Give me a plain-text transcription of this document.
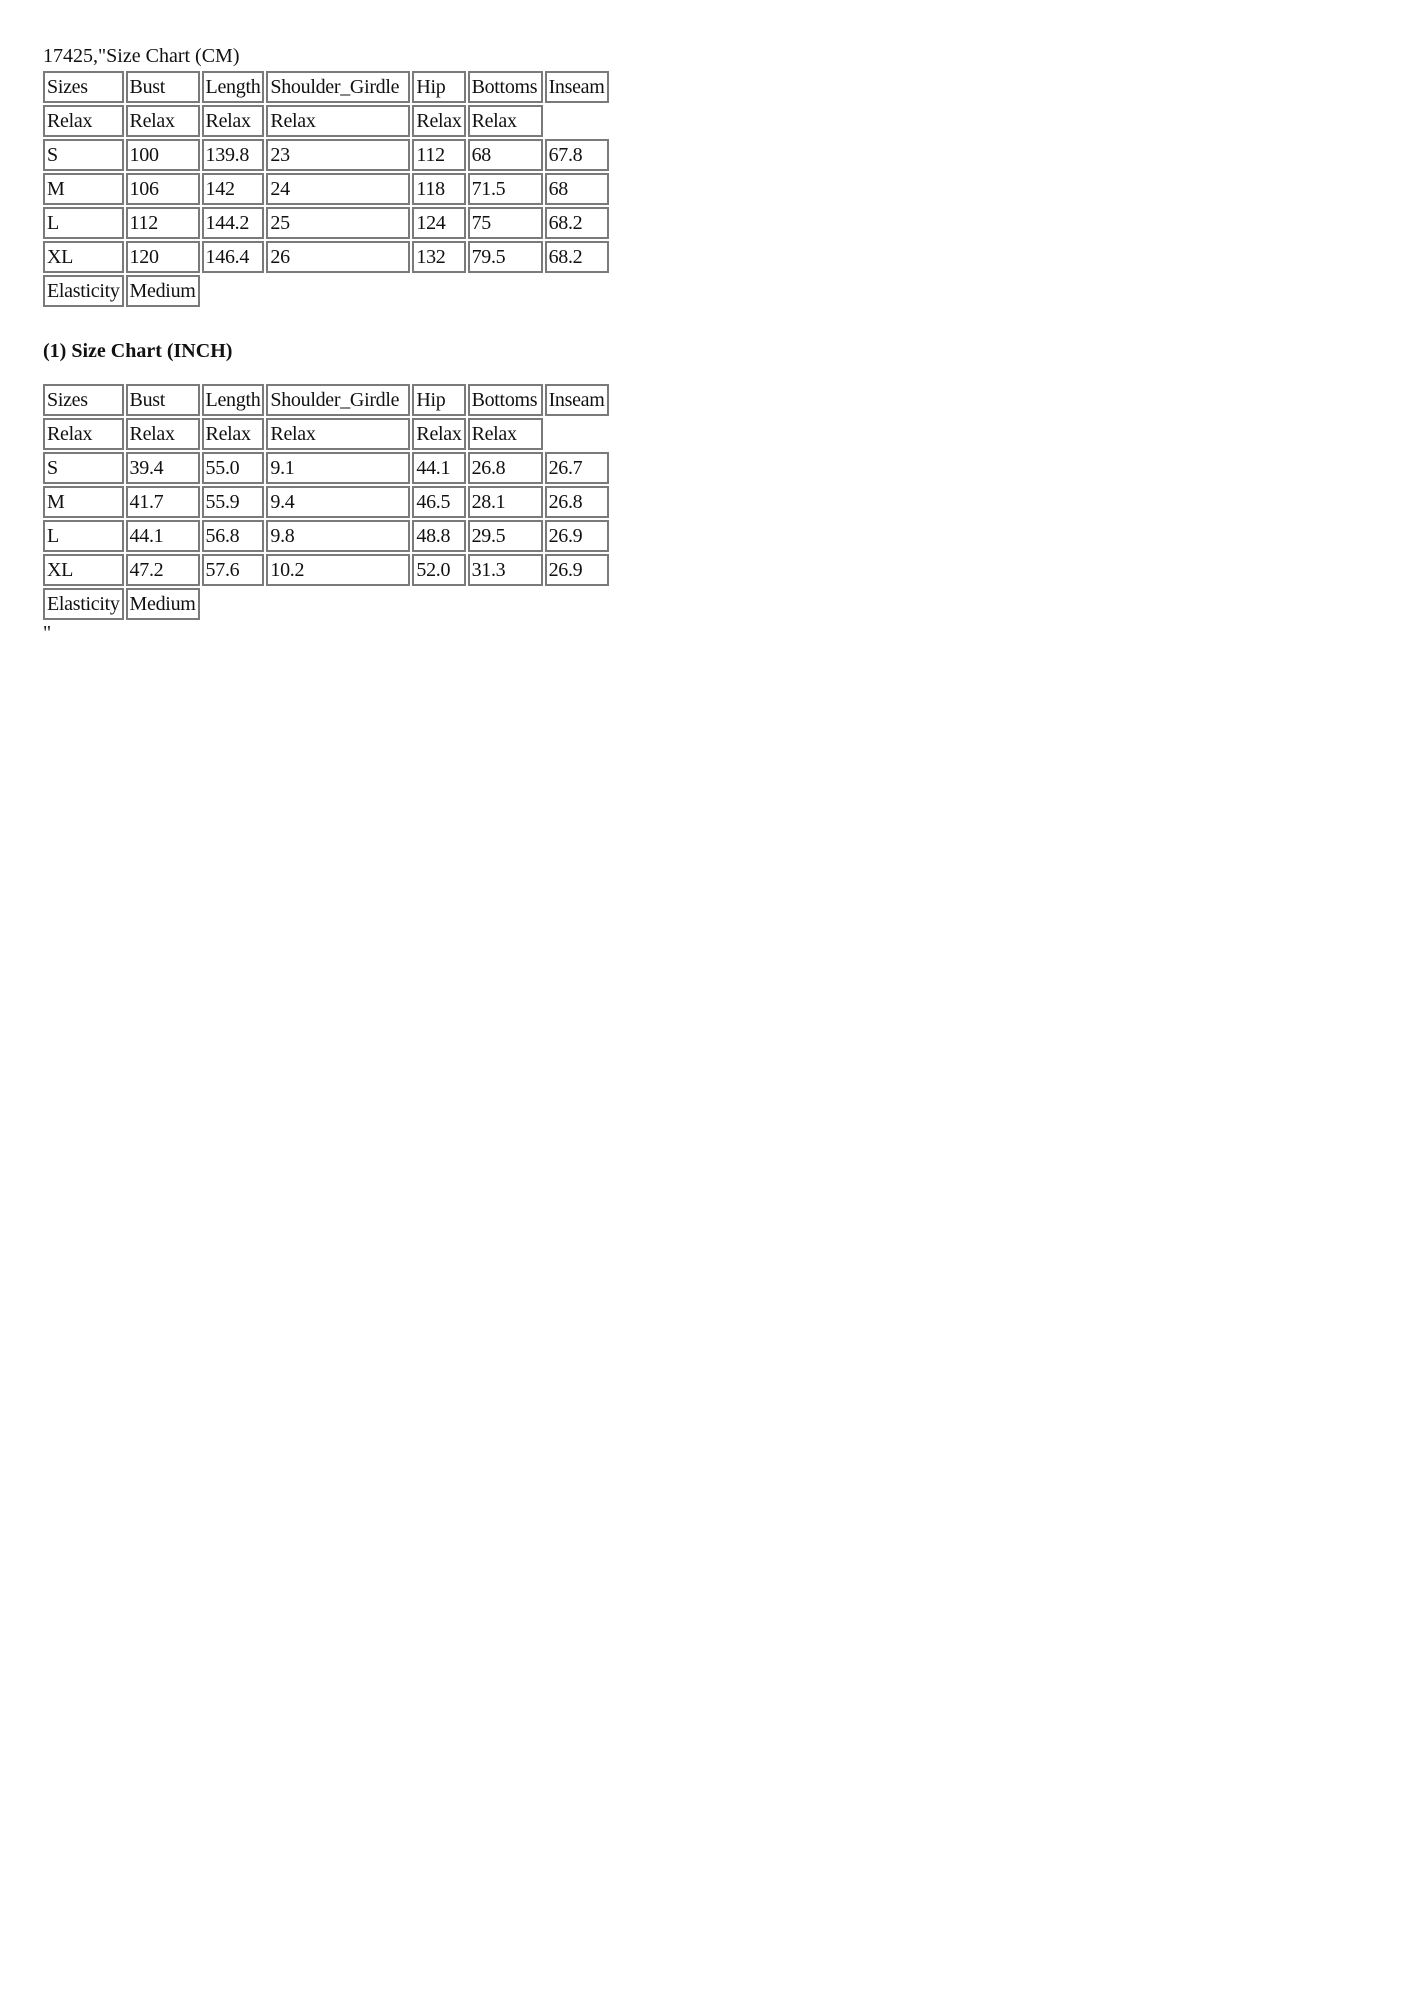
17425,"Size Chart (CM)
Sizes	Bust	Length	Shoulder_Girdle	Hip	Bottoms	Inseam
Relax	Relax	Relax	Relax	Relax	Relax	
S	100	139.8	23	112	68	67.8
M	106	142	24	118	71.5	68
L	112	144.2	25	124	75	68.2
XL	120	146.4	26	132	79.5	68.2
Elasticity	Medium					
(1) Size Chart (INCH)
Sizes	Bust	Length	Shoulder_Girdle	Hip	Bottoms	Inseam
Relax	Relax	Relax	Relax	Relax	Relax	
S	39.4	55.0	9.1	44.1	26.8	26.7
M	41.7	55.9	9.4	46.5	28.1	26.8
L	44.1	56.8	9.8	48.8	29.5	26.9
XL	47.2	57.6	10.2	52.0	31.3	26.9
Elasticity	Medium					
"
